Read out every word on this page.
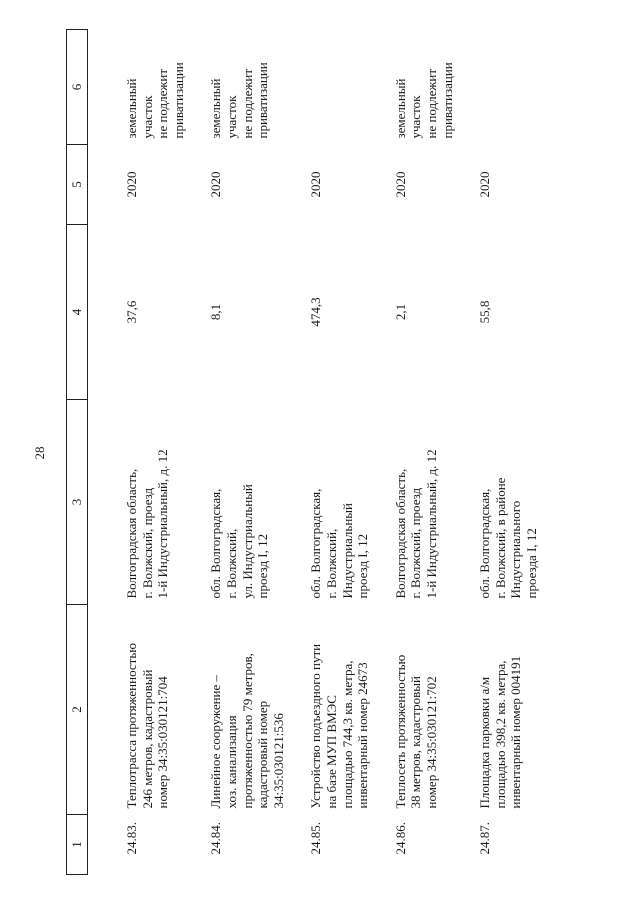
28
1	2	3	4	5	6
24.83.	Теплотрасса протяженностью 246 метров, кадастровый номер 34:35:030121:704	Волгоградская область, г. Волжский, проезд 1-й Индустриальный, д. 12	37,6	2020	земельный участок не подлежит приватизации

24.84.	Линейное сооружение – хоз. канализация протяженностью 79 метров, кадастровый номер 34:35:030121:536	обл. Волгоградская, г. Волжский, ул. Индустриальный проезд I, 12	8,1	2020	земельный участок не подлежит приватизации

24.85.	Устройство подъездного пути на базе МУП ВМЭС площадью 744,3 кв. метра, инвентарный номер 24673	обл. Волгоградская, г. Волжский, Индустриальный проезд I, 12	474,3	2020	
24.86.	Теплосеть протяженностью 38 метров, кадастровый номер 34:35:030121:702	Волгоградская область, г. Волжский, проезд 1-й Индустриальный, д. 12	2,1	2020	земельный участок не подлежит приватизации

24.87.	Площадка парковки а/м площадью 398,2 кв. метра, инвентарный номер 004191	обл. Волгоградская, г. Волжский, в районе Индустриального проезда I, 12	55,8	2020	
